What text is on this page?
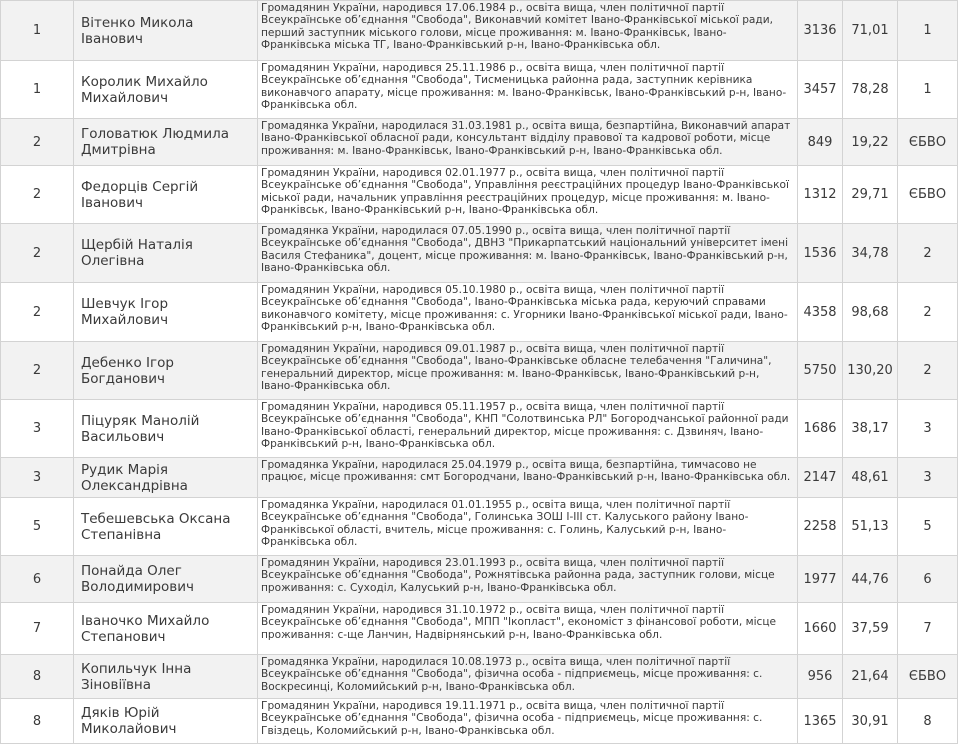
1	Вітенко Микола Іванович	Громадянин України, народився 17.06.1984 р., освіта вища, член політичної партії Всеукраїнське об’єднання "Свобода", Виконавчий комітет Івано-Франківської міської ради, перший заступник міського голови, місце проживання: м. Івано-Франківськ, Івано-Франківська міська ТГ, Івано-Франківський р-н, Івано-Франківська обл.	3136	71,01	1
1	Королик Михайло Михайлович	Громадянин України, народився 25.11.1986 р., освіта вища, член політичної партії Всеукраїнське об’єднання "Свобода", Тисменицька районна рада, заступник керівника виконавчого апарату, місце проживання: м. Івано-Франківськ, Івано-Франківський р-н, Івано-Франківська обл.	3457	78,28	1
2	Головатюк Людмила Дмитрівна	Громадянка України, народилася 31.03.1981 р., освіта вища, безпартійна, Виконавчий апарат Івано-Франківської обласної ради, консультант відділу правової та кадрової роботи, місце проживання: м. Івано-Франківськ, Івано-Франківський р-н, Івано-Франківська обл.	849	19,22	ЄБВО
2	Федорців Сергій Іванович	Громадянин України, народився 02.01.1977 р., освіта вища, член політичної партії Всеукраїнське об’єднання "Свобода", Управління реєстраційних процедур Івано-Франківської міської ради, начальник управління реєстраційних процедур, місце проживання: м. Івано-Франківськ, Івано-Франківський р-н, Івано-Франківська обл.	1312	29,71	ЄБВО
2	Щербій Наталія Олегівна	Громадянка України, народилася 07.05.1990 р., освіта вища, член політичної партії Всеукраїнське об’єднання "Свобода", ДВНЗ "Прикарпатський національний університет імені Василя Стефаника", доцент, місце проживання: м. Івано-Франківськ, Івано-Франківський р-н, Івано-Франківська обл.	1536	34,78	2
2	Шевчук Ігор Михайлович	Громадянин України, народився 05.10.1980 р., освіта вища, член політичної партії Всеукраїнське об’єднання "Свобода", Івано-Франківська міська рада, керуючий справами виконавчого комітету, місце проживання: с. Угорники Івано-Франківської міської ради, Івано-Франківський р-н, Івано-Франківська обл.	4358	98,68	2
2	Дебенко Ігор Богданович	Громадянин України, народився 09.01.1987 р., освіта вища, член політичної партії Всеукраїнське об’єднання "Свобода", Івано-Франківське обласне телебачення "Галичина", генеральний директор, місце проживання: м. Івано-Франківськ, Івано-Франківський р-н, Івано-Франківська обл.	5750	130,20	2
3	Піцуряк Манолій Васильович	Громадянин України, народився 05.11.1957 р., освіта вища, член політичної партії Всеукраїнське об’єднання "Свобода", КНП "Солотвинська РЛ" Богородчанської районної ради Івано-Франківської області, генеральний директор, місце проживання: с. Дзвиняч, Івано-Франківський р-н, Івано-Франківська обл.	1686	38,17	3
3	Рудик Марія Олександрівна	Громадянка України, народилася 25.04.1979 р., освіта вища, безпартійна, тимчасово не працює, місце проживання: смт Богородчани, Івано-Франківський р-н, Івано-Франківська обл.	2147	48,61	3
5	Тебешевська Оксана Степанівна	Громадянка України, народилася 01.01.1955 р., освіта вища, член політичної партії Всеукраїнське об’єднання "Свобода", Голинська ЗОШ I-III ст. Калуського району Івано-Франківської області, вчитель, місце проживання: с. Голинь, Калуський р-н, Івано-Франківська обл.	2258	51,13	5
6	Понайда Олег Володимирович	Громадянин України, народився 23.01.1993 р., освіта вища, член політичної партії Всеукраїнське об’єднання "Свобода", Рожнятівська районна рада, заступник голови, місце проживання: с. Суходіл, Калуський р-н, Івано-Франківська обл.	1977	44,76	6
7	Іваночко Михайло Степанович	Громадянин України, народився 31.10.1972 р., освіта вища, член політичної партії Всеукраїнське об’єднання "Свобода", МПП "Ікопласт", економіст з фінансової роботи, місце проживання: с-ще Ланчин, Надвірнянський р-н, Івано-Франківська обл.	1660	37,59	7
8	Копильчук Інна Зіновіївна	Громадянка України, народилася 10.08.1973 р., освіта вища, член політичної партії Всеукраїнське об’єднання "Свобода", фізична особа - підприємець, місце проживання: с. Воскресинці, Коломийський р-н, Івано-Франківська обл.	956	21,64	ЄБВО
8	Дяків Юрій Миколайович	Громадянин України, народився 19.11.1971 р., освіта вища, член політичної партії Всеукраїнське об’єднання "Свобода", фізична особа - підприємець, місце проживання: с. Гвіздець, Коломийський р-н, Івано-Франківська обл.	1365	30,91	8
